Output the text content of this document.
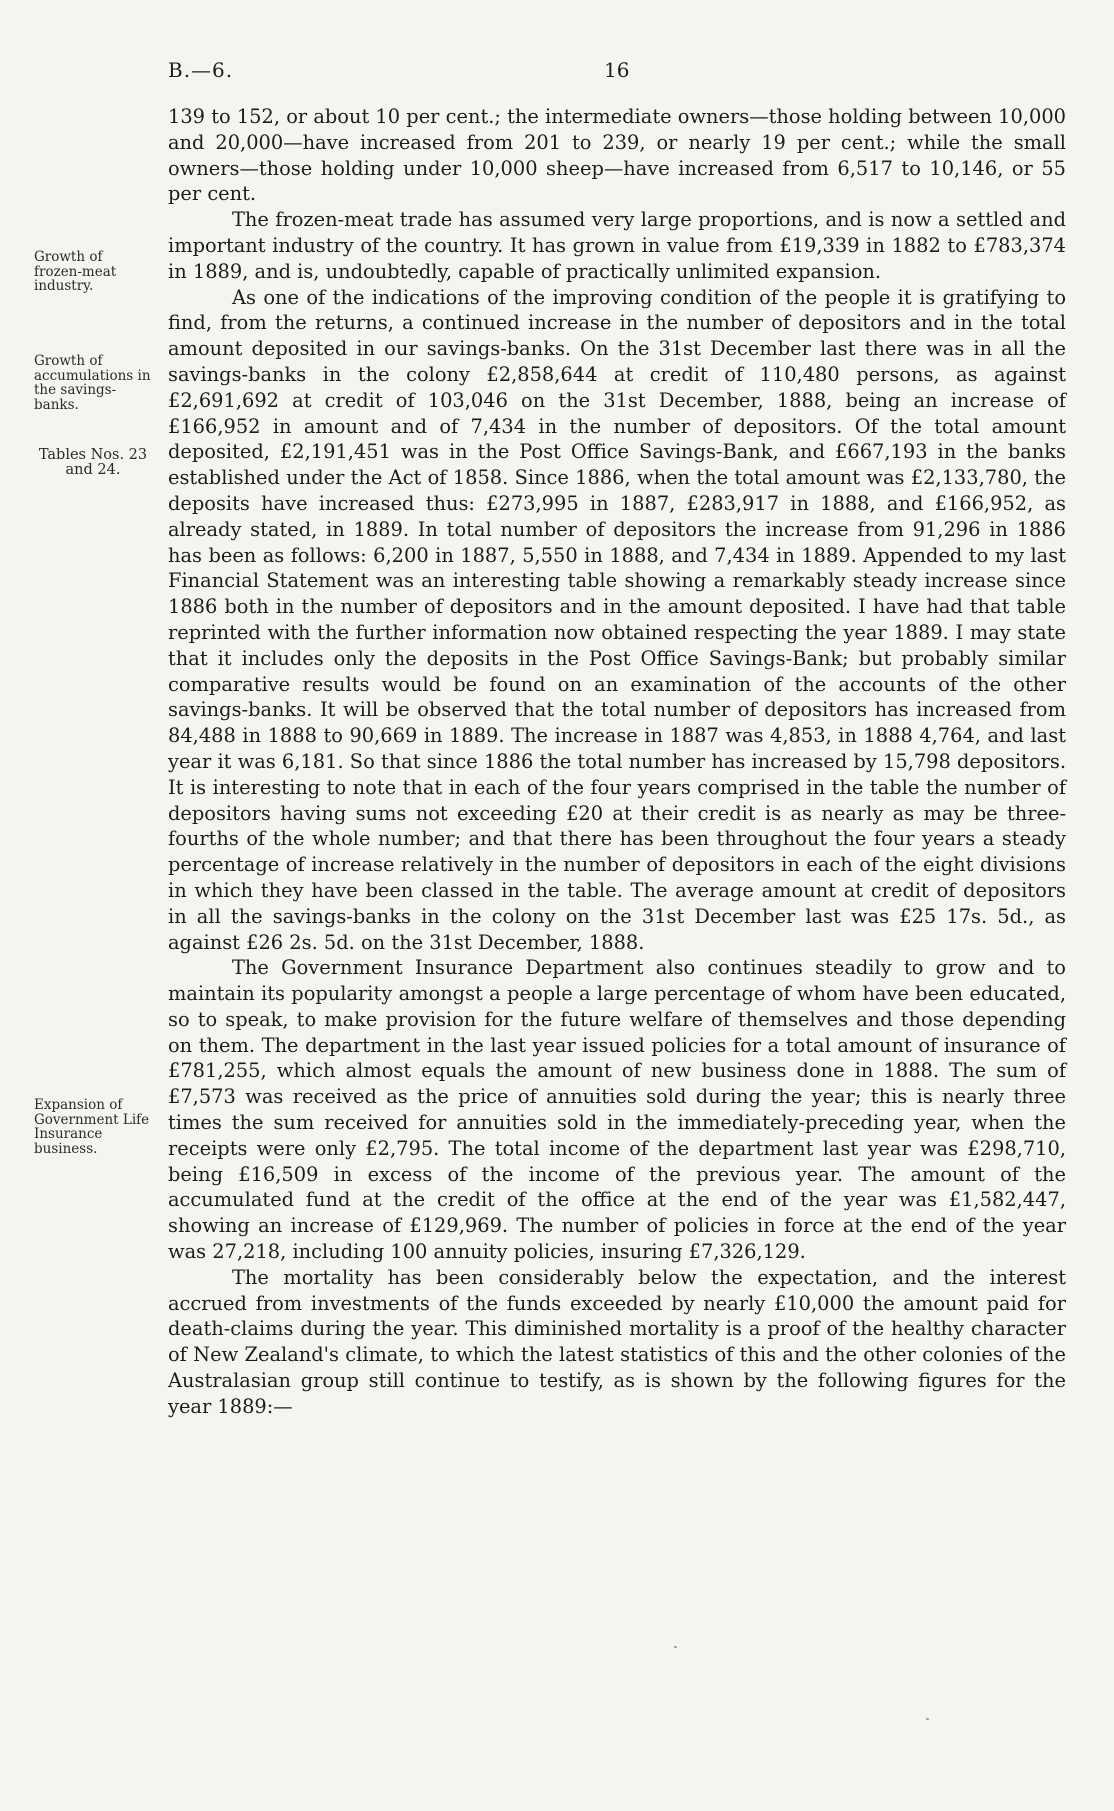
B.—6.	16
Growth of frozen-meat industry.
Growth of accumulations in the savings-banks.
Tables Nos. 23 and 24.
Expansion of Government Life Insurance business.

139 to 152, or about 10 per cent.; the intermediate owners—those holding between 10,000 and 20,000—have increased from 201 to 239, or nearly 19 per cent.; while the small owners—those holding under 10,000 sheep—have increased from 6,517 to 10,146, or 55 per cent.

The frozen-meat trade has assumed very large proportions, and is now a settled and important industry of the country. It has grown in value from £19,339 in 1882 to £783,374 in 1889, and is, undoubtedly, capable of practically unlimited expansion.

As one of the indications of the improving condition of the people it is gratifying to find, from the returns, a continued increase in the number of depositors and in the total amount deposited in our savings-banks. On the 31st December last there was in all the savings-banks in the colony £2,858,644 at credit of 110,480 persons, as against £2,691,692 at credit of 103,046 on the 31st December, 1888, being an increase of £166,952 in amount and of 7,434 in the number of depositors. Of the total amount deposited, £2,191,451 was in the Post Office Savings-Bank, and £667,193 in the banks established under the Act of 1858. Since 1886, when the total amount was £2,133,780, the deposits have increased thus: £273,995 in 1887, £283,917 in 1888, and £166,952, as already stated, in 1889. In total number of depositors the increase from 91,296 in 1886 has been as follows: 6,200 in 1887, 5,550 in 1888, and 7,434 in 1889. Appended to my last Financial Statement was an interesting table showing a remarkably steady increase since 1886 both in the number of depositors and in the amount deposited. I have had that table reprinted with the further information now obtained respecting the year 1889. I may state that it includes only the deposits in the Post Office Savings-Bank; but probably similar comparative results would be found on an examination of the accounts of the other savings-banks. It will be observed that the total number of depositors has increased from 84,488 in 1888 to 90,669 in 1889. The increase in 1887 was 4,853, in 1888 4,764, and last year it was 6,181. So that since 1886 the total number has increased by 15,798 depositors. It is interesting to note that in each of the four years comprised in the table the number of depositors having sums not exceeding £20 at their credit is as nearly as may be three-fourths of the whole number; and that there has been throughout the four years a steady percentage of increase relatively in the number of depositors in each of the eight divisions in which they have been classed in the table. The average amount at credit of depositors in all the savings-banks in the colony on the 31st December last was £25 17s. 5d., as against £26 2s. 5d. on the 31st December, 1888.

The Government Insurance Department also continues steadily to grow and to maintain its popularity amongst a people a large percentage of whom have been educated, so to speak, to make provision for the future welfare of themselves and those depending on them. The department in the last year issued policies for a total amount of insurance of £781,255, which almost equals the amount of new business done in 1888. The sum of £7,573 was received as the price of annuities sold during the year; this is nearly three times the sum received for annuities sold in the immediately-preceding year, when the receipts were only £2,795. The total income of the department last year was £298,710, being £16,509 in excess of the income of the previous year. The amount of the accumulated fund at the credit of the office at the end of the year was £1,582,447, showing an increase of £129,969. The number of policies in force at the end of the year was 27,218, including 100 annuity policies, insuring £7,326,129.

The mortality has been considerably below the expectation, and the interest accrued from investments of the funds exceeded by nearly £10,000 the amount paid for death-claims during the year. This diminished mortality is a proof of the healthy character of New Zealand's climate, to which the latest statistics of this and the other colonies of the Australasian group still continue to testify, as is shown by the following figures for the year 1889:—
